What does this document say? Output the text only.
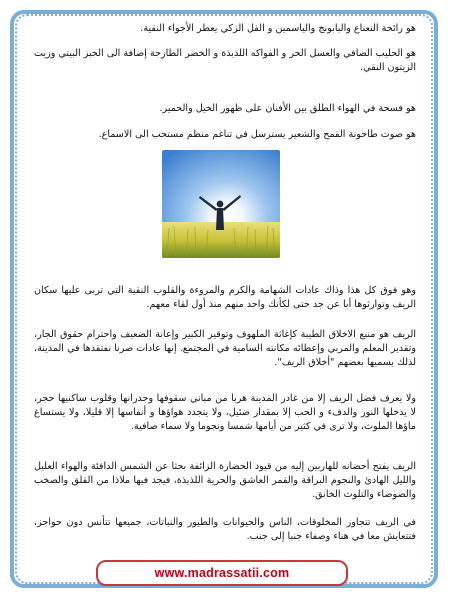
هو رائحة النعناع والبابونج والياسمين و الفل الزكي يعطر الأجواء النقية.

هو الحليب الصافي والعسل الحر و الفواكه اللذيذة و الخضر الطازجة إضافة الى الخبز البيتي وزيت الزيتون النقي.

هو فسحة في الهواء الطلق بين الأفنان على ظهور الخيل والحمير.

هو صوت طاحونة القمح والشعير يسترسل في تناغم منظم مستحب الى الاسماع.

وهو فوق كل هذا وذاك عادات الشهامة والكرم والمروءة والقلوب النقية التي تربى عليها سكان الريف وتوارثوها أبا عن جد حتى لكأنك واحد منهم منذ أول لقاء معهم.

الريف هو منبع الاخلاق الطيبة كإغاثة الملهوف وتوقير الكبير وإعانة الضعيف واحترام حقوق الجار، وتقدير المعلم والمربي وإعطائه مكانته السامية في المجتمع. إنها عادات صرنا نفتقدها في المدينة، لذلك يسميها بعضهم "أخلاق الريف".

ولا يعرف فضل الريف إلا من غادر المدينة هربا من مباني سقوفها وجدرانها وقلوب ساكنيها حجر، لا يدخلها النور والدفء و الحب إلا بمقدار ضئيل، ولا يتجدد هواؤها و أنفاسها إلا قليلا، ولا يستساغ ماؤها الملوث، ولا ترى في كثير من أيامها شمسا ونجوما ولا سماء صافية.

الريف يفتح أحضانه للهاربين إليه من قيود الحضارة الزائفة بحثا عن الشمس الدافئة والهواء العليل والليل الهادئ والنجوم البراقة والقمر العاشق والحرية اللذيذة، فيجد فيها ملاذا من القلق والصخب والضوضاء والتلوث الخانق.

في الريف تتجاور المخلوقات، الناس والحيوانات والطيور والنباتات، جميعها تتأنس دون حواجز، فتتعايش معا في هناء وصفاء جنبا إلى جنب.

www.madrassatii.com
